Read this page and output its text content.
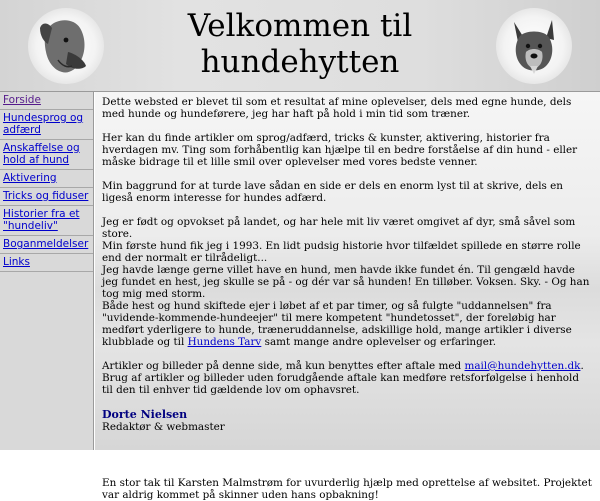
Velkommen til
hundehytten
Forside
Hundesprog og adfærd
Anskaffelse og hold af hund
Aktivering
Tricks og fiduser
Historier fra et "hundeliv"
Boganmeldelser
Links

Dette websted er blevet til som et resultat af mine oplevelser, dels med egne hunde, dels med hunde og hundeførere, jeg har haft på hold i min tid som træner.

Her kan du finde artikler om sprog/adfærd, tricks & kunster, aktivering, historier fra hverdagen mv. Ting som forhåbentlig kan hjælpe til en bedre forståelse af din hund - eller måske bidrage til et lille smil over oplevelser med vores bedste venner.

Min baggrund for at turde lave sådan en side er dels en enorm lyst til at skrive, dels en ligeså enorm interesse for hundes adfærd.

Jeg er født og opvokset på landet, og har hele mit liv været omgivet af dyr, små såvel som store.
Min første hund fik jeg i 1993. En lidt pudsig historie hvor tilfældet spillede en større rolle end der normalt er tilrådeligt...
Jeg havde længe gerne villet have en hund, men havde ikke fundet én. Til gengæld havde jeg fundet en hest, jeg skulle se på - og dér var så hunden! En tilløber. Voksen. Sky. - Og han tog mig med storm.
Både hest og hund skiftede ejer i løbet af et par timer, og så fulgte "uddannelsen" fra "uvidende-kommende-hundeejer" til mere kompetent "hundetosset", der foreløbig har medført yderligere to hunde, træneruddannelse, adskillige hold, mange artikler i diverse klubblade og til Hundens Tarv samt mange andre oplevelser og erfaringer.

Artikler og billeder på denne side, må kun benyttes efter aftale med mail@hundehytten.dk. Brug af artikler og billeder uden forudgående aftale kan medføre retsforfølgelse i henhold til den til enhver tid gældende lov om ophavsret.

Dorte Nielsen
Redaktør & webmaster

En stor tak til Karsten Malmstrøm for uvurderlig hjælp med oprettelse af websitet. Projektet var aldrig kommet på skinner uden hans opbakning!
